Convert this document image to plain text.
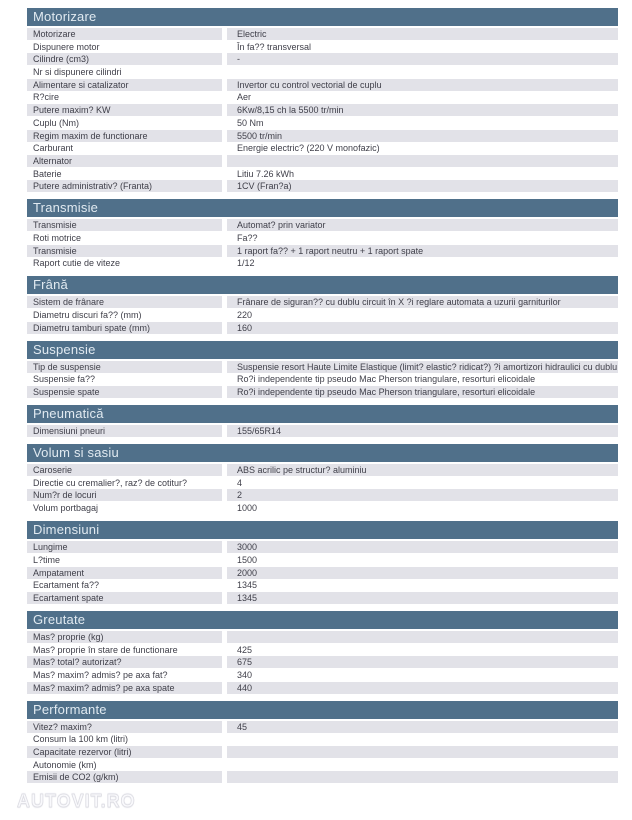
Motorizare
Motorizare	Electric
Dispunere motor	În fa?? transversal
Cilindre (cm3)	-
Nr si dispunere cilindri
Alimentare si catalizator	Invertor cu control vectorial de cuplu
R?cire	Aer
Putere maxim? KW	6Kw/8,15 ch la 5500 tr/min
Cuplu (Nm)	50 Nm
Regim maxim de functionare	5500 tr/min
Carburant	Energie electric? (220 V monofazic)
Alternator
Baterie	Litiu 7.26 kWh
Putere administrativ? (Franta)	1CV (Fran?a)
Transmisie
Transmisie	Automat? prin variator
Roti motrice	Fa??
Transmisie	1 raport fa?? + 1 raport neutru + 1 raport spate
Raport cutie de viteze	1/12
Frână
Sistem de frânare	Frânare de siguran?? cu dublu circuit în X ?i reglare automata a uzurii garniturilor
Diametru discuri fa?? (mm)	220
Diametru tamburi spate (mm)	160
Suspensie
Tip de suspensie	Suspensie resort Haute Limite Elastique (limit? elastic? ridicat?) ?i amortizori hidraulici cu dublu
Suspensie fa??	Ro?i independente tip pseudo Mac Pherson triangulare, resorturi elicoidale
Suspensie spate	Ro?i independente tip pseudo Mac Pherson triangulare, resorturi elicoidale
Pneumatică
Dimensiuni pneuri	155/65R14
Volum si sasiu
Caroserie	ABS acrilic pe structur? aluminiu
Directie cu cremalier?, raz? de cotitur?	4
Num?r de locuri	2
Volum portbagaj	1000
Dimensiuni
Lungime	3000
L?time	1500
Ampatament	2000
Ecartament fa??	1345
Ecartament spate	1345
Greutate
Mas? proprie (kg)
Mas? proprie în stare de functionare	425
Mas? total? autorizat?	675
Mas? maxim? admis? pe axa fat?	340
Mas? maxim? admis? pe axa spate	440
Performante
Vitez? maxim?	45
Consum la 100 km (litri)
Capacitate rezervor (litri)
Autonomie (km)
Emisii de CO2 (g/km)
AUTOVIT.RO
